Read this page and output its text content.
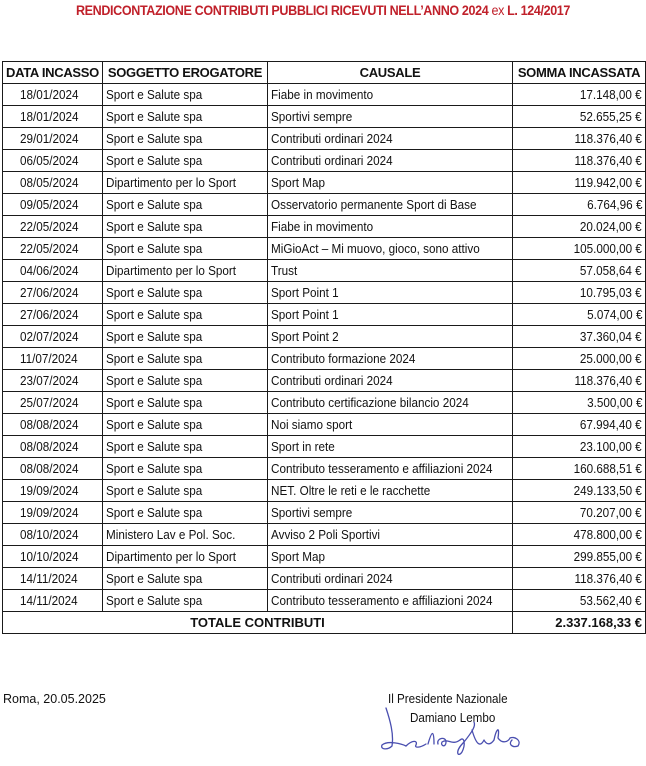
RENDICONTAZIONE CONTRIBUTI PUBBLICI RICEVUTI NELL’ANNO 2024 ex L. 124/2017
DATA INCASSO	SOGGETTO EROGATORE	CAUSALE	SOMMA INCASSATA
18/01/2024	Sport e Salute spa	Fiabe in movimento	17.148,00 €
18/01/2024	Sport e Salute spa	Sportivi sempre	52.655,25 €
29/01/2024	Sport e Salute spa	Contributi ordinari 2024	118.376,40 €
06/05/2024	Sport e Salute spa	Contributi ordinari 2024	118.376,40 €
08/05/2024	Dipartimento per lo Sport	Sport Map	119.942,00 €
09/05/2024	Sport e Salute spa	Osservatorio permanente Sport di Base	6.764,96 €
22/05/2024	Sport e Salute spa	Fiabe in movimento	20.024,00 €
22/05/2024	Sport e Salute spa	MiGioAct – Mi muovo, gioco, sono attivo	105.000,00 €
04/06/2024	Dipartimento per lo Sport	Trust	57.058,64 €
27/06/2024	Sport e Salute spa	Sport Point 1	10.795,03 €
27/06/2024	Sport e Salute spa	Sport Point 1	5.074,00 €
02/07/2024	Sport e Salute spa	Sport Point 2	37.360,04 €
11/07/2024	Sport e Salute spa	Contributo formazione 2024	25.000,00 €
23/07/2024	Sport e Salute spa	Contributi ordinari 2024	118.376,40 €
25/07/2024	Sport e Salute spa	Contributo certificazione bilancio 2024	3.500,00 €
08/08/2024	Sport e Salute spa	Noi siamo sport	67.994,40 €
08/08/2024	Sport e Salute spa	Sport in rete	23.100,00 €
08/08/2024	Sport e Salute spa	Contributo tesseramento e affiliazioni 2024	160.688,51 €
19/09/2024	Sport e Salute spa	NET. Oltre le reti e le racchette	249.133,50 €
19/09/2024	Sport e Salute spa	Sportivi sempre	70.207,00 €
08/10/2024	Ministero Lav e Pol. Soc.	Avviso 2 Poli Sportivi	478.800,00 €
10/10/2024	Dipartimento per lo Sport	Sport Map	299.855,00 €
14/11/2024	Sport e Salute spa	Contributi ordinari 2024	118.376,40 €
14/11/2024	Sport e Salute spa	Contributo tesseramento e affiliazioni 2024	53.562,40 €
TOTALE CONTRIBUTI			2.337.168,33 €
Roma, 20.05.2025	Il Presidente Nazionale
Damiano Lembo
